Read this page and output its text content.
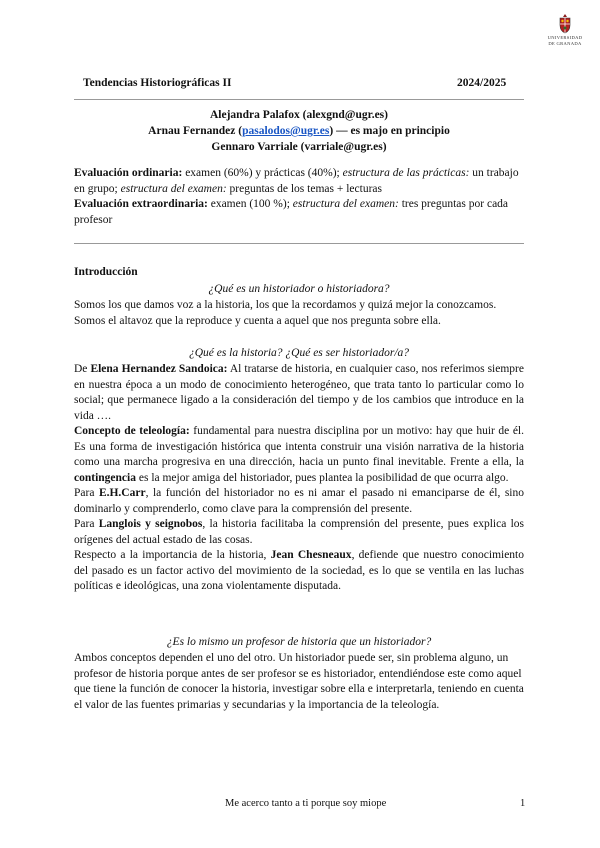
UNIVERSIDAD
DE GRANADA
Tendencias Historiográficas II	2024/2025
Alejandra Palafox (alexgnd@ugr.es)
Arnau Fernandez (pasalodos@ugr.es) — es majo en principio
Gennaro Varriale (varriale@ugr.es)

Evaluación ordinaria: examen (60%) y prácticas (40%); estructura de las prácticas: un trabajo en grupo; estructura del examen: preguntas de los temas + lecturas

Evaluación extraordinaria: examen (100 %); estructura del examen: tres preguntas por cada profesor

Introducción
¿Qué es un historiador o historiadora?
Somos los que damos voz a la historia, los que la recordamos y quizá mejor la conozcamos. Somos el altavoz que la reproduce y cuenta a aquel que nos pregunta sobre ella.
¿Qué es la historia? ¿Qué es ser historiador/a?

De Elena Hernandez Sandoica: Al tratarse de historia, en cualquier caso, nos referimos siempre en nuestra época a un modo de conocimiento heterogéneo, que trata tanto lo particular como lo social; que permanece ligado a la consideración del tiempo y de los cambios que introduce en la vida ….

Concepto de teleología: fundamental para nuestra disciplina por un motivo: hay que huir de él. Es una forma de investigación histórica que intenta construir una visión narrativa de la historia como una marcha progresiva en una dirección, hacia un punto final inevitable. Frente a ella, la contingencia es la mejor amiga del historiador, pues plantea la posibilidad de que ocurra algo.

Para E.H.Carr, la función del historiador no es ni amar el pasado ni emanciparse de él, sino dominarlo y comprenderlo, como clave para la comprensión del presente.

Para Langlois y seignobos, la historia facilitaba la comprensión del presente, pues explica los orígenes del actual estado de las cosas.

Respecto a la importancia de la historia, Jean Chesneaux, defiende que nuestro conocimiento del pasado es un factor activo del movimiento de la sociedad, es lo que se ventila en las luchas políticas e ideológicas, una zona violentamente disputada.

¿Es lo mismo un profesor de historia que un historiador?
Ambos conceptos dependen el uno del otro. Un historiador puede ser, sin problema alguno, un profesor de historia porque antes de ser profesor se es historiador, entendiéndose este como aquel que tiene la función de conocer la historia, investigar sobre ella e interpretarla, teniendo en cuenta el valor de las fuentes primarias y secundarias y la importancia de la teleología.
Me acerco tanto a ti porque soy miope	1
